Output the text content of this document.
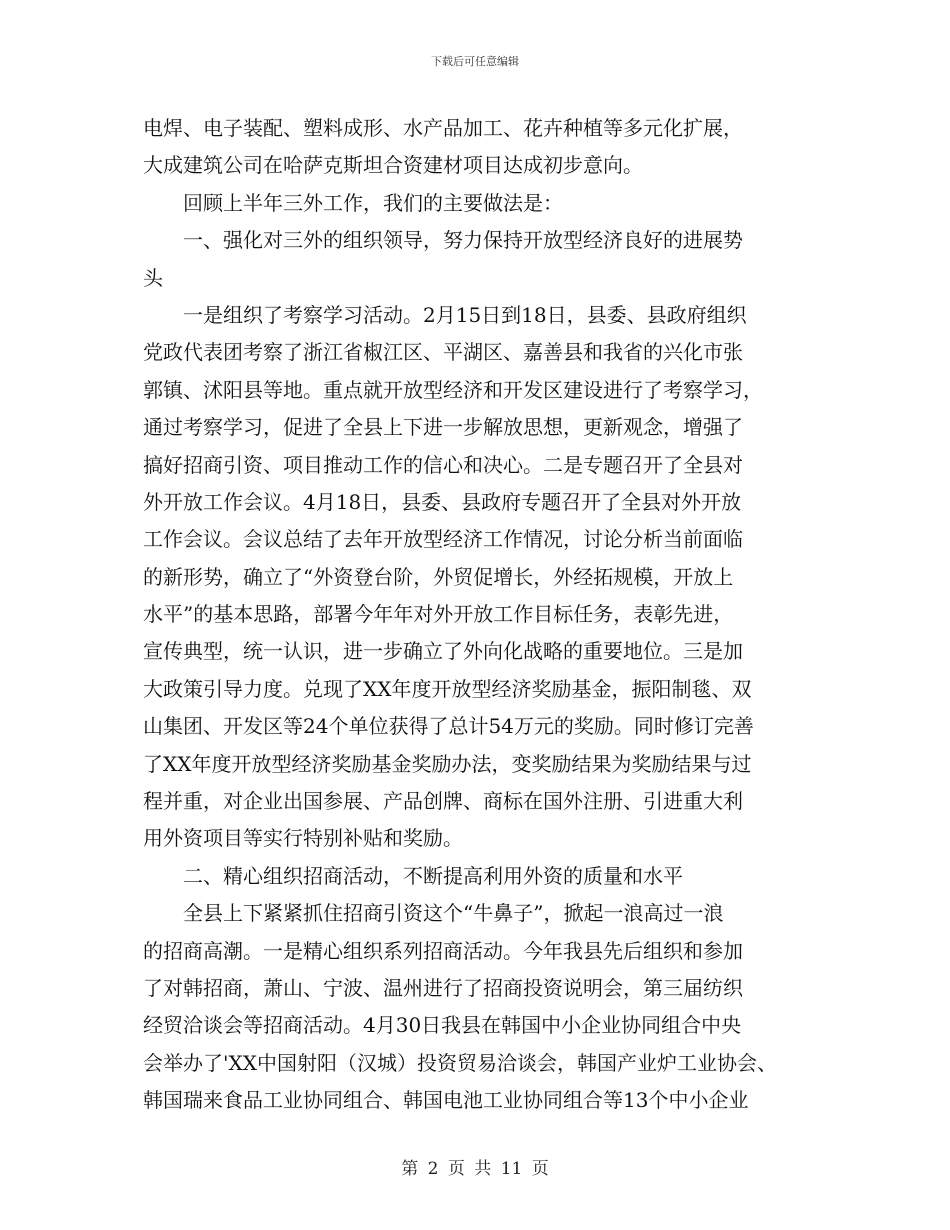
下载后可任意编辑
电焊、电子装配、塑料成形、水产品加工、花卉种植等多元化扩展，
大成建筑公司在哈萨克斯坦合资建材项目达成初步意向。
回顾上半年三外工作，我们的主要做法是：
一、强化对三外的组织领导，努力保持开放型经济良好的进展势
头
一是组织了考察学习活动。2月15日到18日，县委、县政府组织
党政代表团考察了浙江省椒江区、平湖区、嘉善县和我省的兴化市张
郭镇、沭阳县等地。重点就开放型经济和开发区建设进行了考察学习，
通过考察学习，促进了全县上下进一步解放思想，更新观念，增强了
搞好招商引资、项目推动工作的信心和决心。二是专题召开了全县对
外开放工作会议。4月18日，县委、县政府专题召开了全县对外开放
工作会议。会议总结了去年开放型经济工作情况，讨论分析当前面临
的新形势，确立了“外资登台阶，外贸促增长，外经拓规模，开放上
水平”的基本思路，部署今年年对外开放工作目标任务，表彰先进，
宣传典型，统一认识，进一步确立了外向化战略的重要地位。三是加
大政策引导力度。兑现了XX年度开放型经济奖励基金，振阳制毯、双
山集团、开发区等24个单位获得了总计54万元的奖励。同时修订完善
了XX年度开放型经济奖励基金奖励办法，变奖励结果为奖励结果与过
程并重，对企业出国参展、产品创牌、商标在国外注册、引进重大利
用外资项目等实行特别补贴和奖励。
二、精心组织招商活动，不断提高利用外资的质量和水平
全县上下紧紧抓住招商引资这个“牛鼻子”，掀起一浪高过一浪
的招商高潮。一是精心组织系列招商活动。今年我县先后组织和参加
了对韩招商，萧山、宁波、温州进行了招商投资说明会，第三届纺织
经贸洽谈会等招商活动。4月30日我县在韩国中小企业协同组合中央
会举办了'XX中国射阳（汉城）投资贸易洽谈会，韩国产业炉工业协会、
韩国瑞来食品工业协同组合、韩国电池工业协同组合等13个中小企业
第 2 页 共 11 页
